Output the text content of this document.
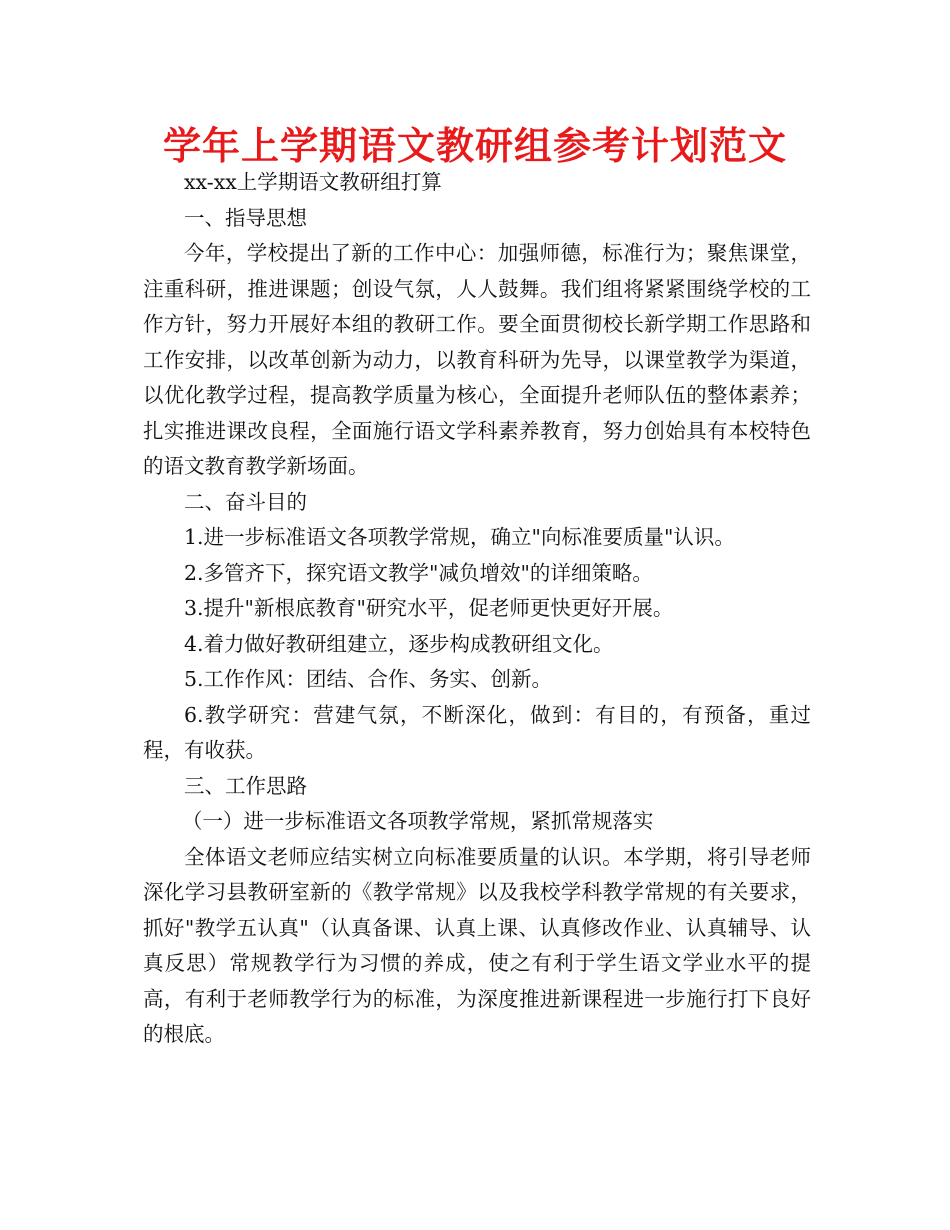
学年上学期语文教研组参考计划范文

xx-xx上学期语文教研组打算

一、指导思想

今年，学校提出了新的工作中心：加强师德，标准行为；聚焦课堂，注重科研，推进课题；创设气氛，人人鼓舞。我们组将紧紧围绕学校的工作方针，努力开展好本组的教研工作。要全面贯彻校长新学期工作思路和工作安排，以改革创新为动力，以教育科研为先导，以课堂教学为渠道，以优化教学过程，提高教学质量为核心，全面提升老师队伍的整体素养；扎实推进课改良程，全面施行语文学科素养教育，努力创始具有本校特色的语文教育教学新场面。

二、奋斗目的

1.进一步标准语文各项教学常规，确立"向标准要质量"认识。

2.多管齐下，探究语文教学"减负增效"的详细策略。

3.提升"新根底教育"研究水平，促老师更快更好开展。

4.着力做好教研组建立，逐步构成教研组文化。

5.工作作风：团结、合作、务实、创新。

6.教学研究：营建气氛，不断深化，做到：有目的，有预备，重过程，有收获。

三、工作思路

（一）进一步标准语文各项教学常规，紧抓常规落实

全体语文老师应结实树立向标准要质量的认识。本学期，将引导老师深化学习县教研室新的《教学常规》以及我校学科教学常规的有关要求，抓好"教学五认真"（认真备课、认真上课、认真修改作业、认真辅导、认真反思）常规教学行为习惯的养成，使之有利于学生语文学业水平的提高，有利于老师教学行为的标准，为深度推进新课程进一步施行打下良好的根底。
